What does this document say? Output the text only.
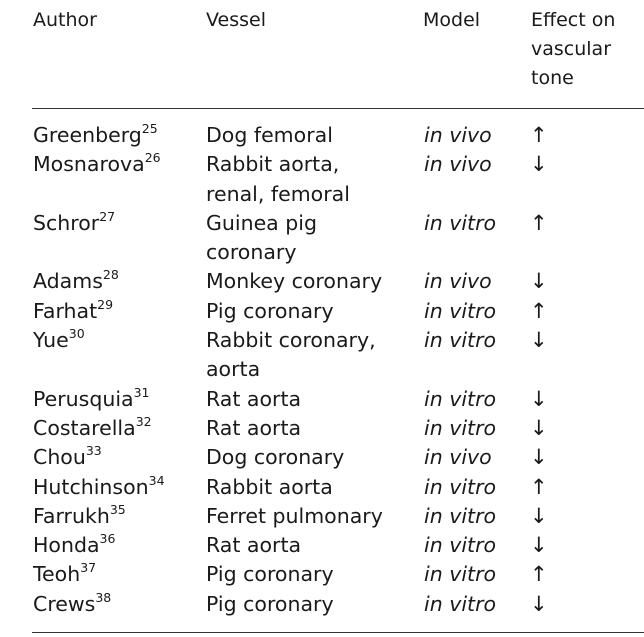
Author	Vessel	Model	Effect on
vascular
tone
Greenberg$^{25}$ Dog femoral	in vivo ↑
Mosnarova$^{26}$ Rabbit aorta,
renal, femoral
in vivo ↓
Schror$^{27}$	Guinea pig
coronary
in vitro ↑
Adams$^{28}$	Monkey coronary in vivo ↓
Farhat$^{29}$	Pig coronary	in vitro ↑
Yue$^{30}$	Rabbit coronary,
aorta
in vitro ↓
Perusquia$^{31}$	Rat aorta	in vitro ↓
Costarella$^{32}$	Rat aorta	in vitro ↓
Chou$^{33}$	Dog coronary	in vivo ↓
Hutchinson$^{34}$ Rabbit aorta	in vitro ↑
Farrukh$^{35}$	Ferret pulmonary in vitro ↓
Honda$^{36}$	Rat aorta	in vitro ↓
Teoh$^{37}$	Pig coronary	in vitro ↑
Crews$^{38}$	Pig coronary	in vitro ↓
